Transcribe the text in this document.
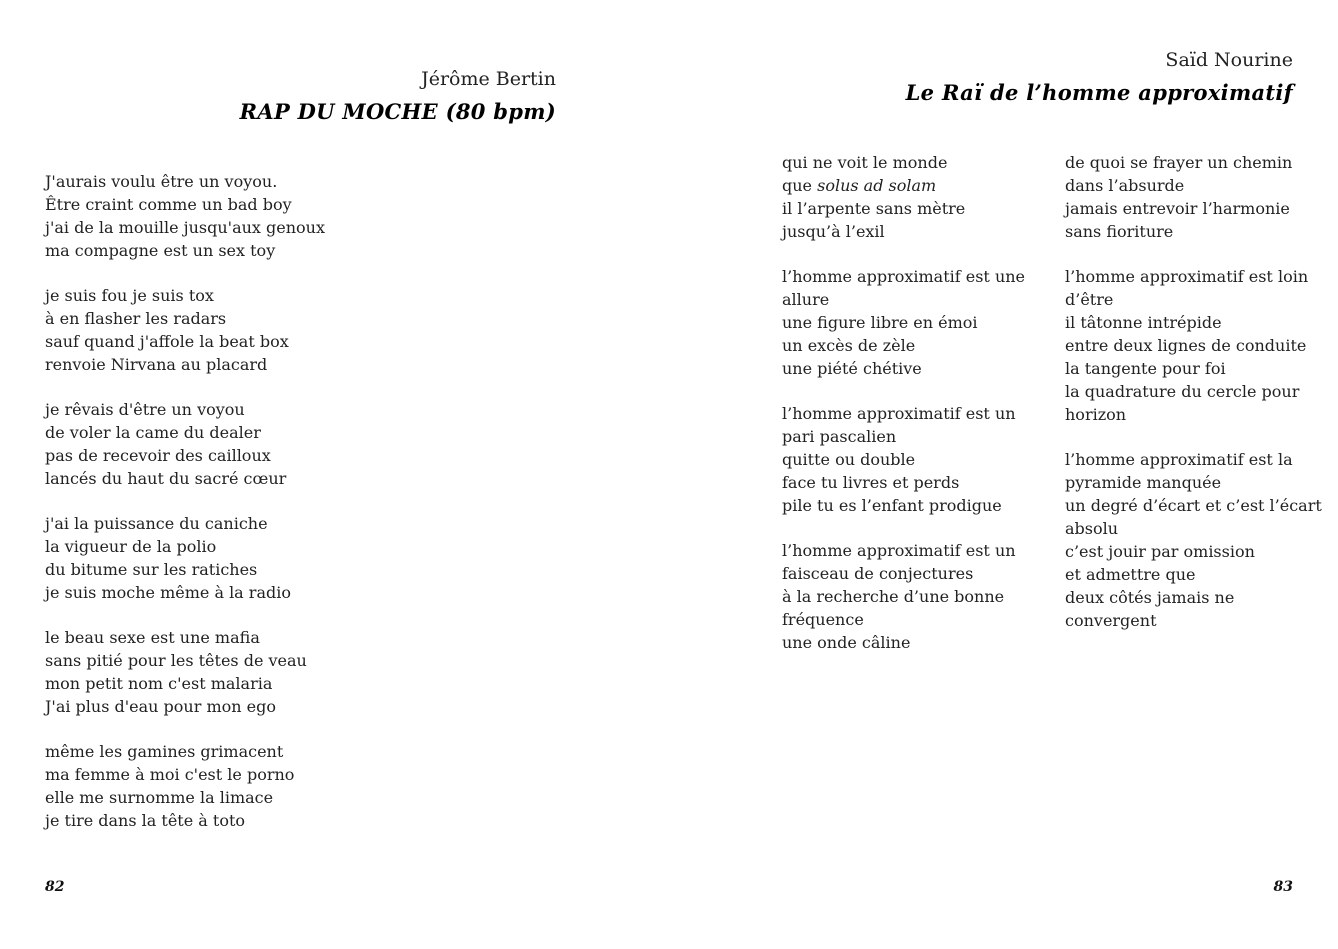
Jérôme Bertin
RAP DU MOCHE (80 bpm)
J'aurais voulu être un voyou.
Être craint comme un bad boy
j'ai de la mouille jusqu'aux genoux
ma compagne est un sex toy
je suis fou je suis tox
à en flasher les radars
sauf quand j'affole la beat box
renvoie Nirvana au placard
je rêvais d'être un voyou
de voler la came du dealer
pas de recevoir des cailloux
lancés du haut du sacré cœur
j'ai la puissance du caniche
la vigueur de la polio
du bitume sur les ratiches
je suis moche même à la radio
le beau sexe est une mafia
sans pitié pour les têtes de veau
mon petit nom c'est malaria
J'ai plus d'eau pour mon ego
même les gamines grimacent
ma femme à moi c'est le porno
elle me surnomme la limace
je tire dans la tête à toto
82
Saïd Nourine
Le Raï de l’homme approximatif
qui ne voit le monde
que solus ad solam
il l’arpente sans mètre
jusqu’à l’exil
l’homme approximatif est une
allure
une figure libre en émoi
un excès de zèle
une piété chétive
l’homme approximatif est un
pari pascalien
quitte ou double
face tu livres et perds
pile tu es l’enfant prodigue
l’homme approximatif est un
faisceau de conjectures
à la recherche d’une bonne
fréquence
une onde câline
de quoi se frayer un chemin
dans l’absurde
jamais entrevoir l’harmonie
sans fioriture
l’homme approximatif est loin
d’être
il tâtonne intrépide
entre deux lignes de conduite
la tangente pour foi
la quadrature du cercle pour
horizon
l’homme approximatif est la
pyramide manquée
un degré d’écart et c’est l’écart
absolu
c’est jouir par omission
et admettre que
deux côtés jamais ne
convergent
83
